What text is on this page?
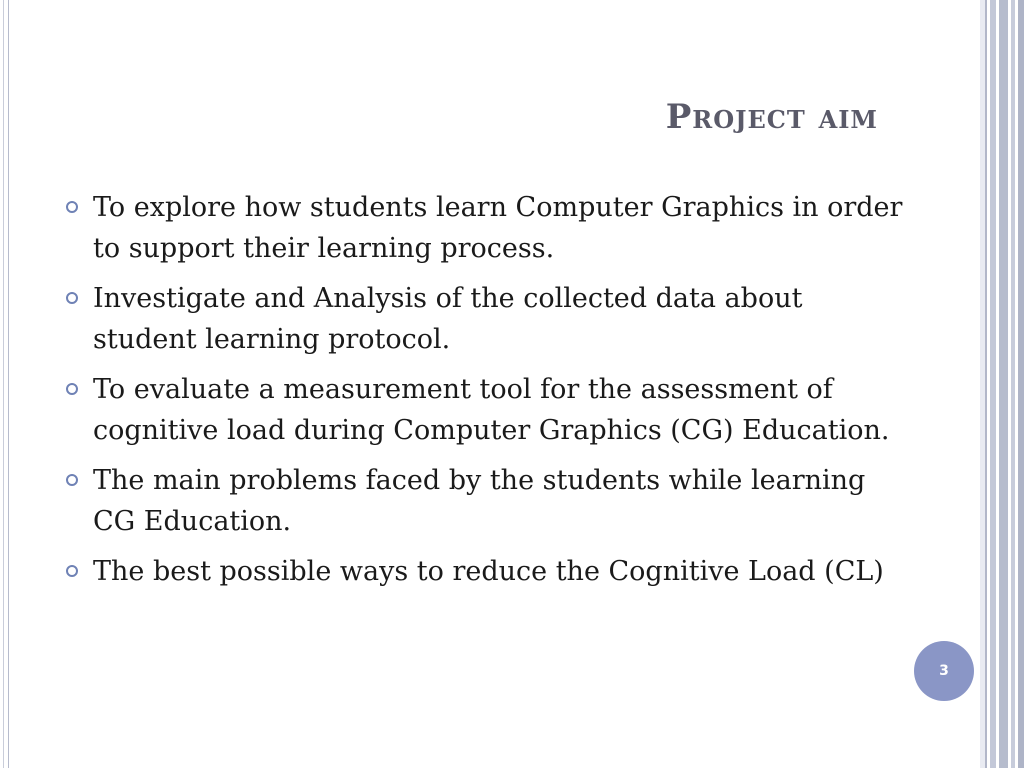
Project aim
To explore how students learn Computer Graphics in order to support their learning process.
Investigate and Analysis of the collected data about student learning protocol.
To evaluate a measurement tool for the assessment of cognitive load during Computer Graphics (CG) Education.
The main problems faced by the students while learning CG Education.
The best possible ways to reduce the Cognitive Load (CL)
3
